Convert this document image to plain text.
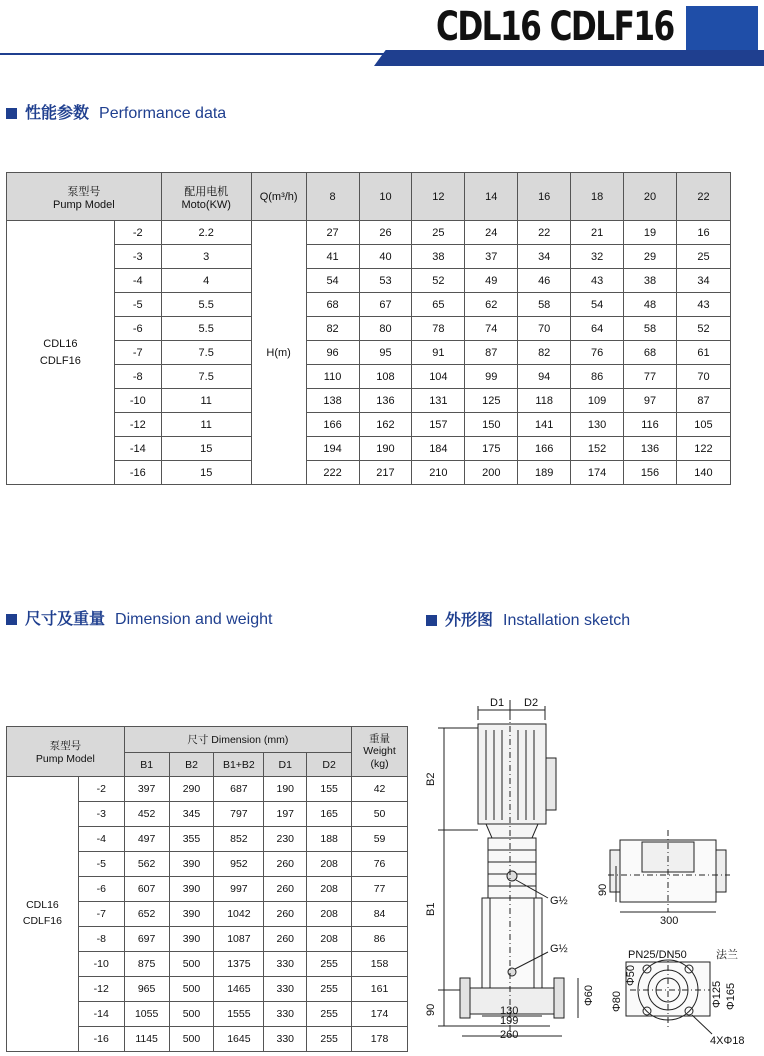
CDL16 CDLF16
性能参数 Performance data
泵型号
Pump Model		配用电机
Moto(KW)	Q(m³/h)	8	10	12	14	16	18	20	22
CDL16
CDLF16	-2	2.2	H(m)	27	26	25	24	22	21	19	16
	-3	3		41	40	38	37	34	32	29	25
	-4	4		54	53	52	49	46	43	38	34
	-5	5.5		68	67	65	62	58	54	48	43
	-6	5.5		82	80	78	74	70	64	58	52
	-7	7.5		96	95	91	87	82	76	68	61
	-8	7.5		110	108	104	99	94	86	77	70
	-10	11		138	136	131	125	118	109	97	87
	-12	11		166	162	157	150	141	130	116	105
	-14	15		194	190	184	175	166	152	136	122
	-16	15		222	217	210	200	189	174	156	140
尺寸及重量 Dimension and weight	外形图 Installation sketch
泵型号
Pump Model		尺寸 Dimension (mm)					重量
Weight
(kg)
		B1	B2	B1+B2	D1	D2	
CDL16
CDLF16	-2	397	290	687	190	155	42
	-3	452	345	797	197	165	50
	-4	497	355	852	230	188	59
	-5	562	390	952	260	208	76
	-6	607	390	997	260	208	77
	-7	652	390	1042	260	208	84
	-8	697	390	1087	260	208	86
	-10	875	500	1375	330	255	158
	-12	965	500	1465	330	255	161
	-14	1055	500	1555	330	255	174
	-16	1145	500	1645	330	255	178
D1 D2
B2
B1
90
G½
G½
Φ60
130
199
260
90
300
PN25/DN50	法兰
Φ50
Φ80	Φ125 Φ165
4XΦ18
